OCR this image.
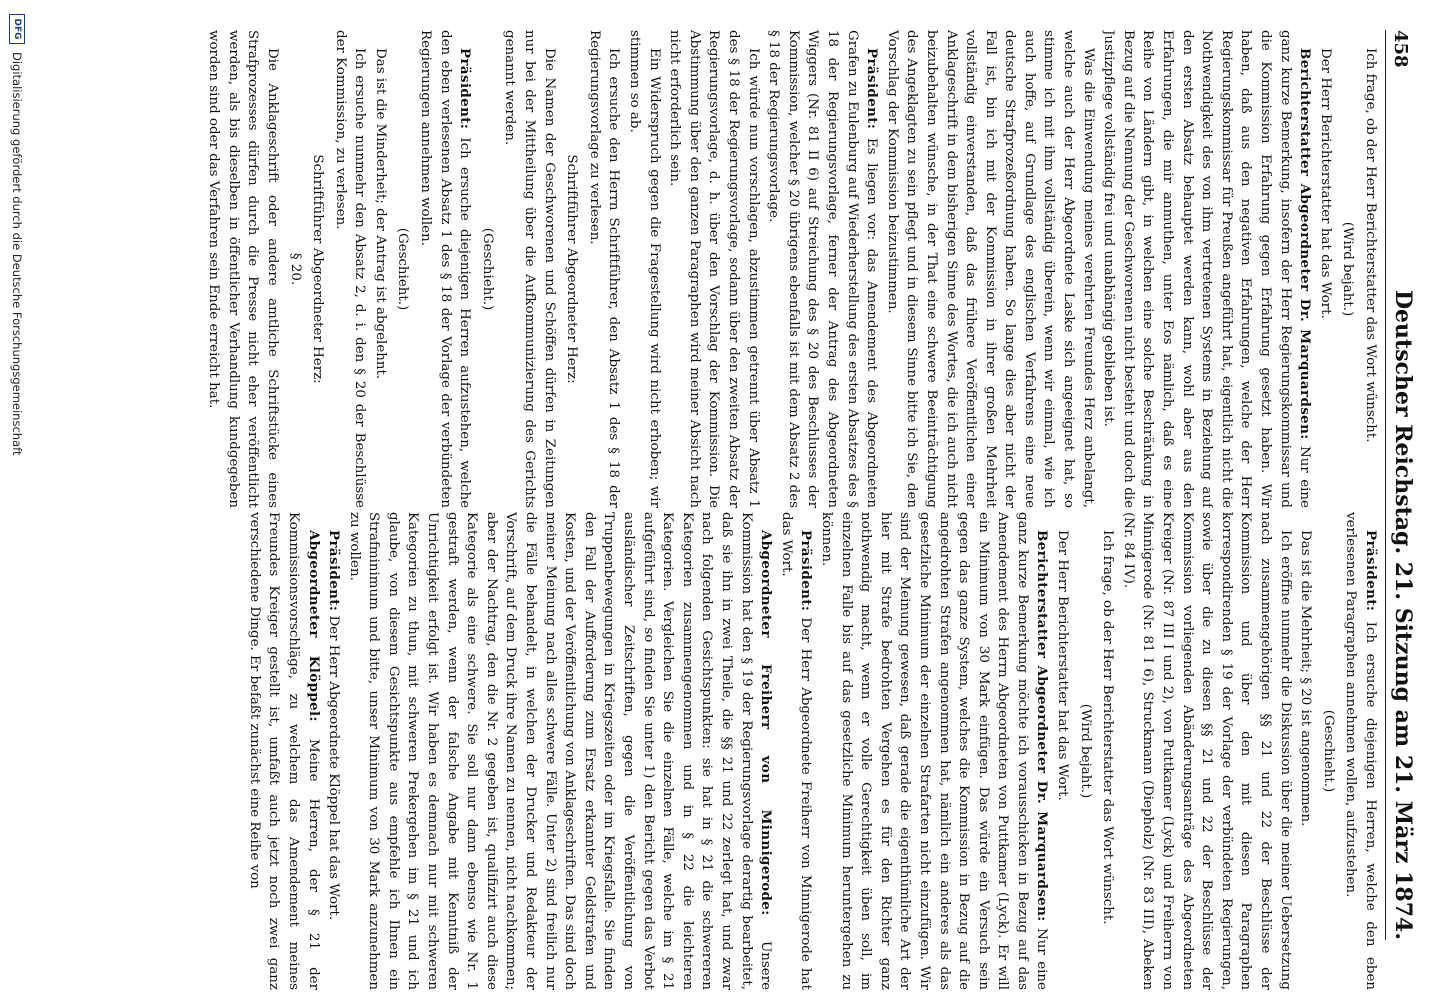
458
Deutscher Reichstag. 21. Sitzung am 21. März 1874.

Ich frage, ob der Herr Berichterstatter das Wort wünscht.

(Wird bejaht.)

Der Herr Berichterstatter hat das Wort.

Berichterstatter Abgeordneter Dr. Marquardsen: Nur eine ganz kurze Bemerkung, insofern der Herr Regierungskommissar und die Kommission Erfahrung gegen Erfahrung gesetzt haben. Wir haben, daß aus den negativen Erfahrungen, welche der Herr Regierungskommissar für Preußen angeführt hat, eigentlich nicht die Nothwendigkeit des von ihm vertretenen Systems in Beziehung auf den ersten Absatz behauptet werden kann, wohl aber aus den Erfahrungen, die mir anmuthen, unter Eos nämlich, daß es eine Reihe von Ländern gibt, in welchen eine solche Beschränkung in Bezug auf die Nennung der Geschworenen nicht besteht und doch die Justizpflege vollständig frei und unabhängig geblieben ist.

Was die Einwendung meines verehrten Freundes Herz anbelangt, welche auch der Herr Abgeordnete Laske sich angeeignet hat, so stimme ich mit ihm vollständig überein, wenn wir einmal, wie ich auch hoffe, auf Grundlage des englischen Verfahrens eine neue deutsche Strafprozeßordnung haben. So lange dies aber nicht der Fall ist, bin ich mit der Kommission in ihrer großen Mehrheit vollständig einverstanden, daß das frühere Veröffentlichen einer Anklageschrift in dem bisherigen Sinne des Wortes, die ich auch nicht beizubehalten wünsche, in der That eine schwere Beeinträchtigung des Angeklagten zu sein pflegt und in diesem Sinne bitte ich Sie, den Vorschlag der Kommission beizustimmen.

Präsident: Es liegen vor: das Amendement des Abgeordneten Grafen zu Eulenburg auf Wiederherstellung des ersten Absatzes des § 18 der Regierungsvorlage, ferner der Antrag des Abgeordneten Wiggers (Nr. 81 II 6) auf Streichung des § 20 des Beschlusses der Kommission, welcher § 20 übrigens ebenfalls ist mit dem Absatz 2 des § 18 der Regierungsvorlage.

Ich würde nun vorschlagen, abzustimmen getrennt über Absatz 1 des § 18 der Regierungsvorlage, sodann über den zweiten Absatz der Regierungsvorlage, d. h. über den Vorschlag der Kommission. Die Abstimmung über den ganzen Paragraphen wird meiner Absicht nach nicht erforderlich sein.

Ein Widerspruch gegen die Fragestellung wird nicht erhoben; wir stimmen so ab.

Ich ersuche den Herrn Schriftführer, den Absatz 1 des § 18 der Regierungsvorlage zu verlesen.

Schriftführer Abgeordneter Herz:

Die Namen der Geschworenen und Schöffen dürfen in Zeitungen nur bei der Mittheilung über die Aufkommunizierung des Gerichts genannt werden.

(Geschieht.)

Präsident: Ich ersuche diejenigen Herren aufzustehen, welche den eben verlesenen Absatz 1 des § 18 der Vorlage der verbündeten Regierungen annehmen wollen.

(Geschieht.)

Das ist die Minderheit; der Antrag ist abgelehnt.

Ich ersuche nunmehr den Absatz 2, d. i. den § 20 der Beschlüsse der Kommission, zu verlesen.

Schriftführer Abgeordneter Herz:

§ 20.

Die Anklageschrift oder andere amtliche Schriftstücke eines Strafprozesses dürfen durch die Presse nicht eher veröffentlicht werden, als bis dieselben in öffentlicher Verhandlung kundgegeben worden sind oder das Verfahren sein Ende erreicht hat.

Präsident: Ich ersuche diejenigen Herren, welche den eben verlesenen Paragraphen annehmen wollen, aufzustehen.

(Geschieht.)

Das ist die Mehrheit; § 20 ist angenommen.

Ich eröffne nunmehr die Diskussion über die meiner Uebersetzung nach zusammengehörigen §§ 21 und 22 der Beschlüsse der Kommission und über den mit diesen Paragraphen korrespondirenden § 19 der Vorlage der verbündeten Regierungen, sowie über die zu diesen §§ 21 und 22 der Beschlüsse der Kommission vorliegenden Abänderungsanträge des Abgeordneten Kreiger (Nr. 87 III I und 2), von Puttkamer (Lyck) und Freiherrn von Minnigerode (Nr. 81 I 6), Struckmann (Diepholz) (Nr. 83 III), Abeken (Nr. 84 IV).

Ich frage, ob der Herr Berichterstatter das Wort wünscht.

(Wird bejaht.)

Der Herr Berichterstatter hat das Wort.

Berichterstatter Abgeordneter Dr. Marquardsen: Nur eine ganz kurze Bemerkung möchte ich vorausschicken in Bezug auf das Amendement des Herrn Abgeordneten von Puttkamer (Lyck). Er will ein Minimum von 30 Mark einfügen. Das würde ein Versuch sein gegen das ganze System, welches die Kommission in Bezug auf die angedrohten Strafen angenommen hat, nämlich ein anderes als das gesetzliche Minimum der einzelnen Strafarten nicht einzufügen. Wir sind der Meinung gewesen, daß gerade die eigenthümliche Art der hier mit Strafe bedrohten Vergehen es für den Richter ganz nothwendig macht, wenn er volle Gerechtigkeit üben soll, im einzelnen Falle bis auf das gesetzliche Minimum heruntergehen zu können.

Präsident: Der Herr Abgeordnete Freiherr von Minnigerode hat das Wort.

Abgeordneter Freiherr von Minnigerode: Unsere Kommission hat den § 19 der Regierungsvorlage derartig bearbeitet, daß sie ihn in zwei Theile, die §§ 21 und 22 zerlegt hat, und zwar nach folgenden Gesichtspunkten: sie hat in § 21 die schwereren Kategorien zusammengenommen und in § 22 die leichteren Kategorien. Vergleichen Sie die einzelnen Fälle, welche im § 21 aufgeführt sind, so finden Sie unter 1) den Bericht gegen das Verbot ausländischer Zeitschriften, gegen die Veröffentlichung von Truppenbewegungen in Kriegszeiten oder im Kriegsfalle. Sie finden den Fall der Aufforderung zum Ersatz erkannter Geldstrafen und Kosten, und der Veröffentlichung von Anklageschriften. Das sind doch meiner Meinung nach alles schwere Fälle. Unter 2) sind freilich nur die Fälle behandelt, in welchen der Drucker und Redakteur der Vorschrift, auf dem Druck ihre Namen zu nennen, nicht nachkommen; aber der Nachtrag, den die Nr. 2 gegeben ist, qualifizirt auch diese Kategorie als eine schwere. Sie soll nur dann ebenso wie Nr. 1 gestraft werden, wenn der falsche Angabe mit Kenntniß der Unrichtigkeit erfolgt ist. Wir haben es demnach nur mit schweren Kategorien zu thun, mit schweren Prekergehen im § 21 und ich glaube, von diesem Gesichtspunkte aus empfehle ich Ihnen ein Strafminimum und bitte, unser Minimum von 30 Mark anzunehmen zu wollen.

Präsident: Der Herr Abgeordnete Klöppel hat das Wort.

Abgeordneter Klöppel: Meine Herren, der § 21 der Kommissionsvorschläge, zu welchem das Amendement meines Freundes Kreiger gestellt ist, umfaßt auch jetzt noch zwei ganz verschiedene Dinge. Er befaßt zunächst eine Reihe von

DFG
Digitalisierung gefördert durch die Deutsche Forschungsgemeinschaft
